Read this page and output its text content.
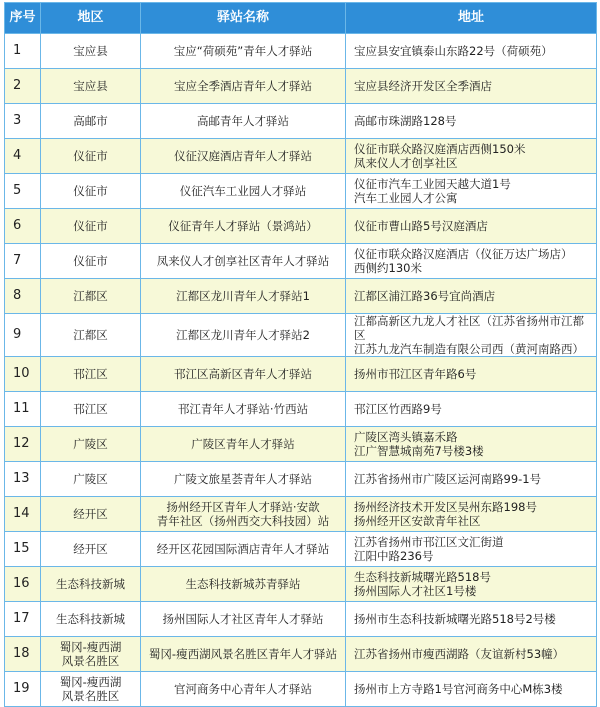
序号	地区	驿站名称	地址
1	宝应县	宝应“荷硕苑”青年人才驿站	宝应县安宜镇泰山东路22号（荷硕苑）
2	宝应县	宝应全季酒店青年人才驿站	宝应县经济开发区全季酒店
3	高邮市	高邮青年人才驿站	高邮市珠湖路128号
4	仪征市	仪征汉庭酒店青年人才驿站	仪征市联众路汉庭酒店西侧150米
凤来仪人才创享社区
5	仪征市	仪征汽车工业园人才驿站	仪征市汽车工业园天越大道1号
汽车工业园人才公寓
6	仪征市	仪征青年人才驿站（景鸿站）	仪征市曹山路5号汉庭酒店
7	仪征市	凤来仪人才创享社区青年人才驿站	仪征市联众路汉庭酒店（仪征万达广场店）
西侧约130米
8	江都区	江都区龙川青年人才驿站1	江都区浦江路36号宜尚酒店
9	江都区	江都区龙川青年人才驿站2	江都高新区九龙人才社区（江苏省扬州市江都区
江苏九龙汽车制造有限公司西（黄河南路西）
10	邗江区	邗江区高新区青年人才驿站	扬州市邗江区青年路6号
11	邗江区	邗江青年人才驿站·竹西站	邗江区竹西路9号
12	广陵区	广陵区青年人才驿站	广陵区湾头镇嘉禾路
江广智慧城南苑7号楼3楼
13	广陵区	广陵文旅星荟青年人才驿站	江苏省扬州市广陵区运河南路99-1号
14	经开区	扬州经开区青年人才驿站·安歆
青年社区（扬州西交大科技园）站	扬州经济技术开发区吴州东路198号
扬州经开区安歆青年社区
15	经开区	经开区花园国际酒店青年人才驿站	江苏省扬州市邗江区文汇街道
江阳中路236号
16	生态科技新城	生态科技新城苏青驿站	生态科技新城曙光路518号
扬州国际人才社区1号楼
17	生态科技新城	扬州国际人才社区青年人才驿站	扬州市生态科技新城曙光路518号2号楼
18	蜀冈-瘦西湖
风景名胜区	蜀冈-瘦西湖风景名胜区青年人才驿站	江苏省扬州市瘦西湖路（友谊新村53幢）
19	蜀冈-瘦西湖
风景名胜区	官河商务中心青年人才驿站	扬州市上方寺路1号官河商务中心M栋3楼
